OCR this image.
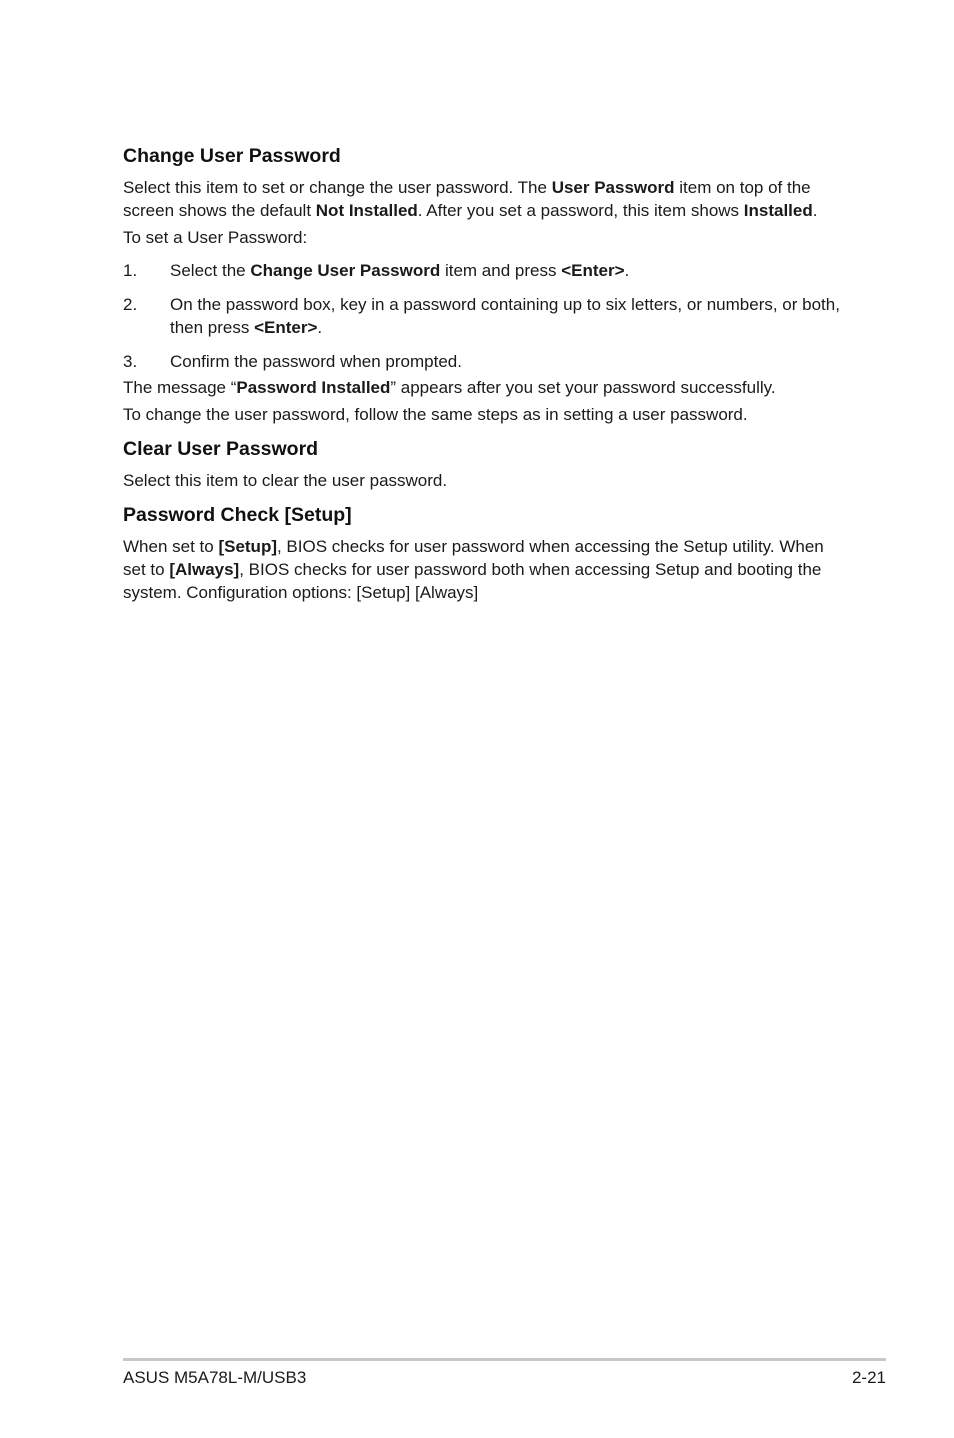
Change User Password

Select this item to set or change the user password. The User Password item on top of the screen shows the default Not Installed. After you set a password, this item shows Installed.

To set a User Password:

1.	Select the Change User Password item and press <Enter>.
2.	On the password box, key in a password containing up to six letters, or numbers, or both, then press <Enter>.
3.	Confirm the password when prompted.

The message “Password Installed” appears after you set your password successfully.

To change the user password, follow the same steps as in setting a user password.

Clear User Password

Select this item to clear the user password.

Password Check [Setup]

When set to [Setup], BIOS checks for user password when accessing the Setup utility. When set to [Always], BIOS checks for user password both when accessing Setup and booting the system. Configuration options: [Setup] [Always]

ASUS M5A78L-M/USB3	2-21
